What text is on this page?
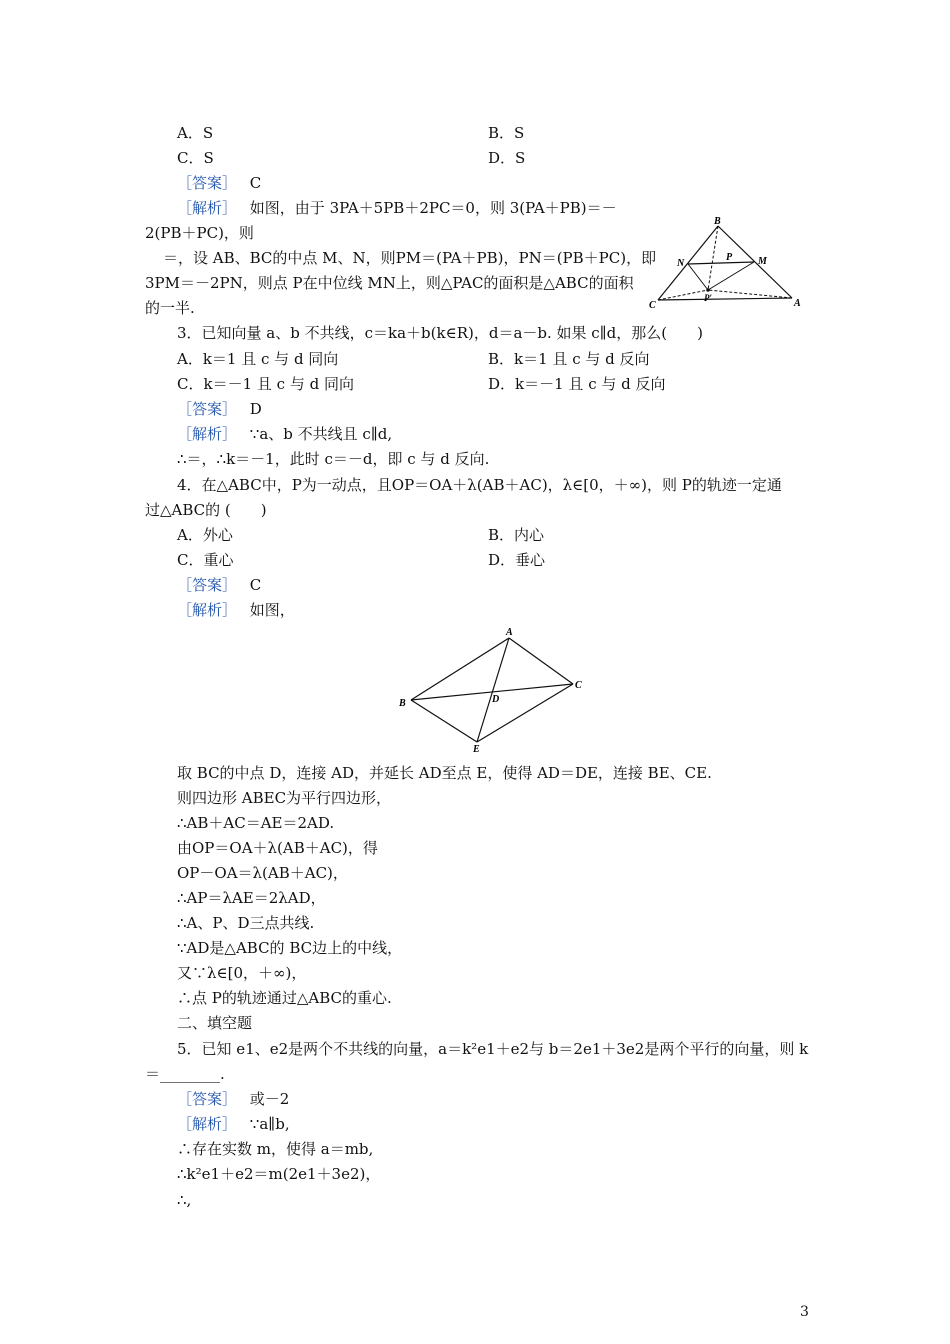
A．S	B．S
C．S	D．S
［答案］ C
［解析］ 如图，由于 3PA＋5PB＋2PC＝0，则 3(PA＋PB)＝－
2(PB＋PC)，则
＝，设 AB、BC的中点 M、N，则PM＝(PA＋PB)，PN＝(PB＋PC)，即
3PM＝－2PN，则点 P在中位线 MN上，则△PAC的面积是△ABC的面积
的一半.
B
N
P	M
P′
C	A
3．已知向量 a、b 不共线，c＝ka＋b(k∈R)，d＝a－b. 如果 c∥d，那么(　　)
A．k＝1 且 c 与 d 同向	B．k＝1 且 c 与 d 反向
C．k＝－1 且 c 与 d 同向	D．k＝－1 且 c 与 d 反向
［答案］ D
［解析］ ∵a、b 不共线且 c∥d,
∴＝，∴k＝－1，此时 c＝－d，即 c 与 d 反向.
4．在△ABC中，P为一动点，且OP＝OA＋λ(AB＋AC)，λ∈[0，＋∞)，则 P的轨迹一定通
过△ABC的 (　　)
A．外心	B．内心
C．重心	D．垂心
［答案］ C
［解析］ 如图，
A
C
B	D
E
取 BC的中点 D，连接 AD，并延长 AD至点 E，使得 AD＝DE，连接 BE、CE.
则四边形 ABEC为平行四边形，
∴AB＋AC＝AE＝2AD.
由OP＝OA＋λ(AB＋AC)，得
OP－OA＝λ(AB＋AC)，
∴AP＝λAE＝2λAD，
∴A、P、D三点共线.
∵AD是△ABC的 BC边上的中线，
又∵λ∈[0，＋∞)，
∴点 P的轨迹通过△ABC的重心.
二、填空题
5．已知 e1、e2是两个不共线的向量，a＝k²e1＋e2与 b＝2e1＋3e2是两个平行的向量，则 k
＝________.
［答案］ 或－2
［解析］ ∵a∥b,
∴存在实数 m，使得 a＝mb,
∴k²e1＋e2＝m(2e1＋3e2)，
∴,
3
